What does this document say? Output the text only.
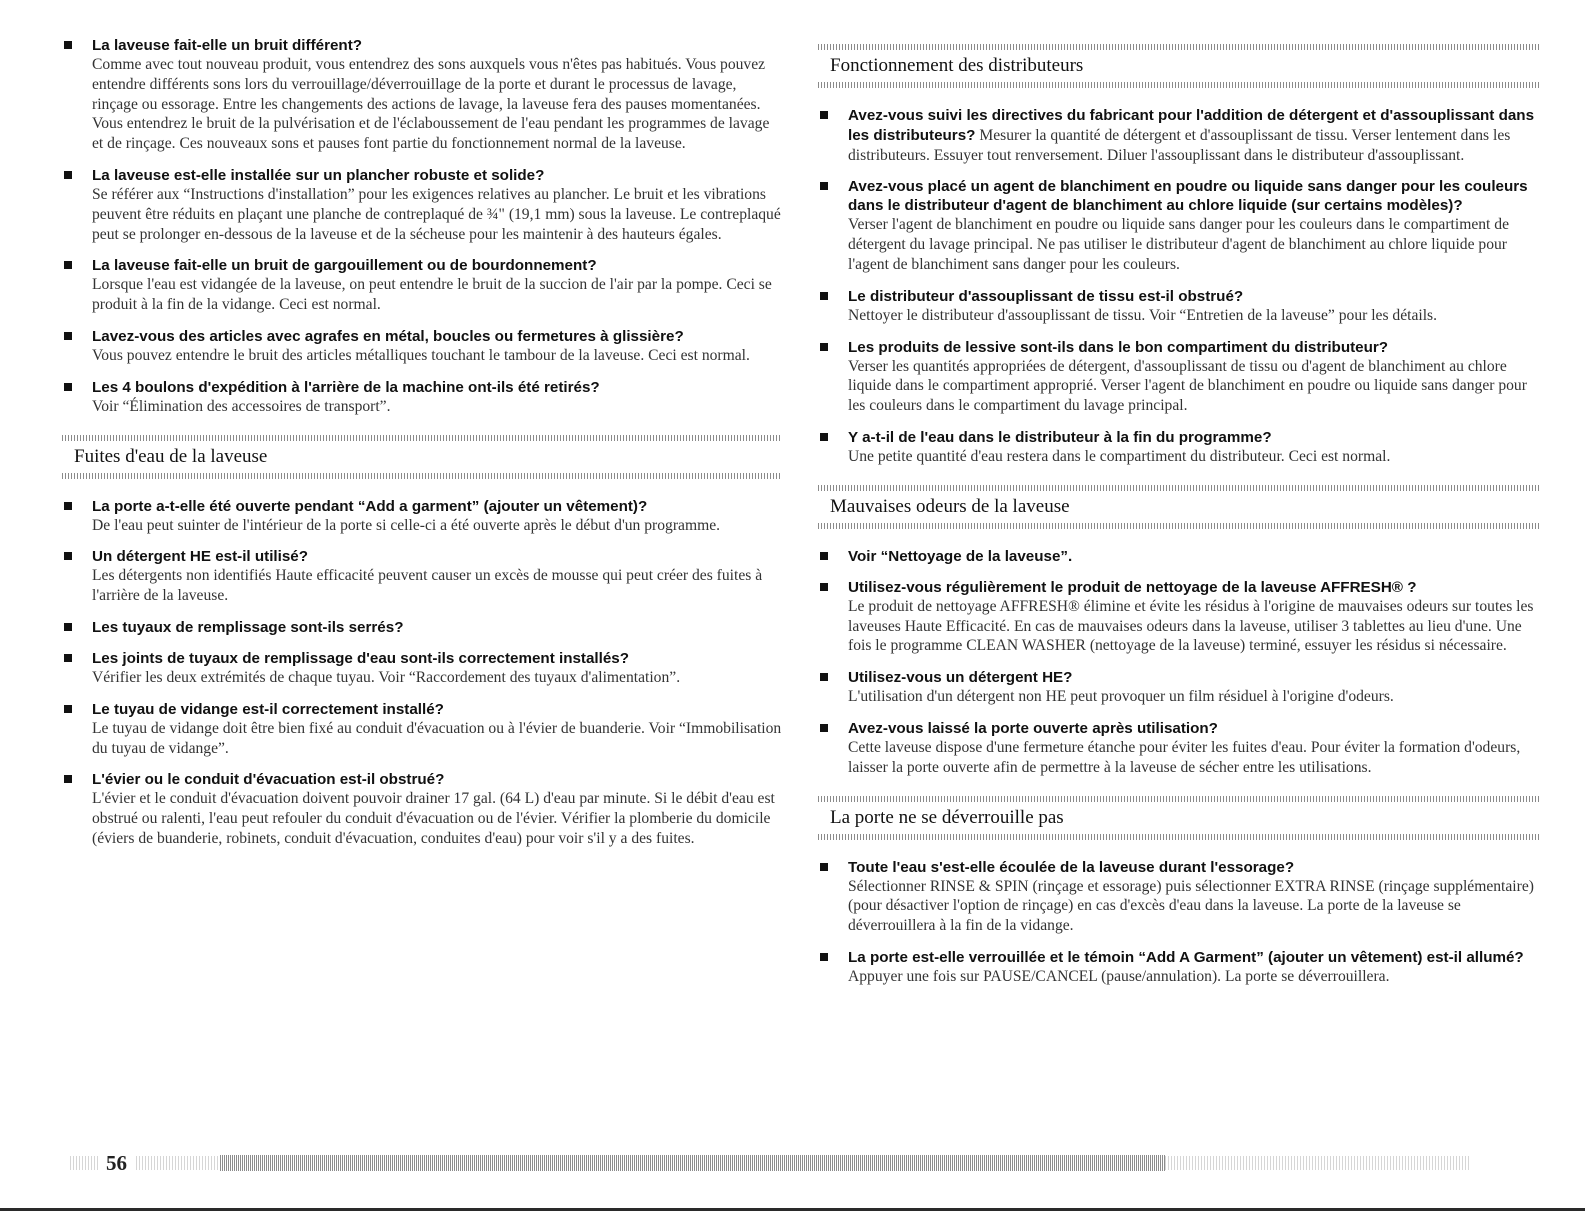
La laveuse fait-elle un bruit différent?
Comme avec tout nouveau produit, vous entendrez des sons auxquels vous n'êtes pas habitués. Vous pouvez entendre différents sons lors du verrouillage/déverrouillage de la porte et durant le processus de lavage, rinçage ou essorage. Entre les changements des actions de lavage, la laveuse fera des pauses momentanées. Vous entendrez le bruit de la pulvérisation et de l'éclaboussement de l'eau pendant les programmes de lavage et de rinçage. Ces nouveaux sons et pauses font partie du fonctionnement normal de la laveuse.
La laveuse est-elle installée sur un plancher robuste et solide?
Se référer aux “Instructions d'installation” pour les exigences relatives au plancher. Le bruit et les vibrations peuvent être réduits en plaçant une planche de contreplaqué de ¾" (19,1 mm) sous la laveuse. Le contreplaqué peut se prolonger en-dessous de la laveuse et de la sécheuse pour les maintenir à des hauteurs égales.
La laveuse fait-elle un bruit de gargouillement ou de bourdonnement?
Lorsque l'eau est vidangée de la laveuse, on peut entendre le bruit de la succion de l'air par la pompe. Ceci se produit à la fin de la vidange. Ceci est normal.
Lavez-vous des articles avec agrafes en métal, boucles ou fermetures à glissière?
Vous pouvez entendre le bruit des articles métalliques touchant le tambour de la laveuse. Ceci est normal.
Les 4 boulons d'expédition à l'arrière de la machine ont-ils été retirés?
Voir “Élimination des accessoires de transport”.
Fuites d'eau de la laveuse
La porte a-t-elle été ouverte pendant “Add a garment” (ajouter un vêtement)?
De l'eau peut suinter de l'intérieur de la porte si celle-ci a été ouverte après le début d'un programme.
Un détergent HE est-il utilisé?
Les détergents non identifiés Haute efficacité peuvent causer un excès de mousse qui peut créer des fuites à l'arrière de la laveuse.
Les tuyaux de remplissage sont-ils serrés?
Les joints de tuyaux de remplissage d'eau sont-ils correctement installés?
Vérifier les deux extrémités de chaque tuyau. Voir “Raccordement des tuyaux d'alimentation”.
Le tuyau de vidange est-il correctement installé?
Le tuyau de vidange doit être bien fixé au conduit d'évacuation ou à l'évier de buanderie. Voir “Immobilisation du tuyau de vidange”.
L'évier ou le conduit d'évacuation est-il obstrué?
L'évier et le conduit d'évacuation doivent pouvoir drainer 17 gal. (64 L) d'eau par minute. Si le débit d'eau est obstrué ou ralenti, l'eau peut refouler du conduit d'évacuation ou de l'évier. Vérifier la plomberie du domicile (éviers de buanderie, robinets, conduit d'évacuation, conduites d'eau) pour voir s'il y a des fuites.
Fonctionnement des distributeurs
Avez-vous suivi les directives du fabricant pour l'addition de détergent et d'assouplissant dans les distributeurs? Mesurer la quantité de détergent et d'assouplissant de tissu. Verser lentement dans les distributeurs. Essuyer tout renversement. Diluer l'assouplissant dans le distributeur d'assouplissant.
Avez-vous placé un agent de blanchiment en poudre ou liquide sans danger pour les couleurs dans le distributeur d'agent de blanchiment au chlore liquide (sur certains modèles)?
Verser l'agent de blanchiment en poudre ou liquide sans danger pour les couleurs dans le compartiment de détergent du lavage principal. Ne pas utiliser le distributeur d'agent de blanchiment au chlore liquide pour l'agent de blanchiment sans danger pour les couleurs.
Le distributeur d'assouplissant de tissu est-il obstrué?
Nettoyer le distributeur d'assouplissant de tissu. Voir “Entretien de la laveuse” pour les détails.
Les produits de lessive sont-ils dans le bon compartiment du distributeur?
Verser les quantités appropriées de détergent, d'assouplissant de tissu ou d'agent de blanchiment au chlore liquide dans le compartiment approprié. Verser l'agent de blanchiment en poudre ou liquide sans danger pour les couleurs dans le compartiment du lavage principal.
Y a-t-il de l'eau dans le distributeur à la fin du programme?
Une petite quantité d'eau restera dans le compartiment du distributeur. Ceci est normal.
Mauvaises odeurs de la laveuse
Voir “Nettoyage de la laveuse”.
Utilisez-vous régulièrement le produit de nettoyage de la laveuse AFFRESH® ?
Le produit de nettoyage AFFRESH® élimine et évite les résidus à l'origine de mauvaises odeurs sur toutes les laveuses Haute Efficacité. En cas de mauvaises odeurs dans la laveuse, utiliser 3 tablettes au lieu d'une. Une fois le programme CLEAN WASHER (nettoyage de la laveuse) terminé, essuyer les résidus si nécessaire.
Utilisez-vous un détergent HE?
L'utilisation d'un détergent non HE peut provoquer un film résiduel à l'origine d'odeurs.
Avez-vous laissé la porte ouverte après utilisation?
Cette laveuse dispose d'une fermeture étanche pour éviter les fuites d'eau. Pour éviter la formation d'odeurs, laisser la porte ouverte afin de permettre à la laveuse de sécher entre les utilisations.
La porte ne se déverrouille pas
Toute l'eau s'est-elle écoulée de la laveuse durant l'essorage?
Sélectionner RINSE & SPIN (rinçage et essorage) puis sélectionner EXTRA RINSE (rinçage supplémentaire) (pour désactiver l'option de rinçage) en cas d'excès d'eau dans la laveuse. La porte de la laveuse se déverrouillera à la fin de la vidange.
La porte est-elle verrouillée et le témoin “Add A Garment” (ajouter un vêtement) est-il allumé?
Appuyer une fois sur PAUSE/CANCEL (pause/annulation). La porte se déverrouillera.
56
